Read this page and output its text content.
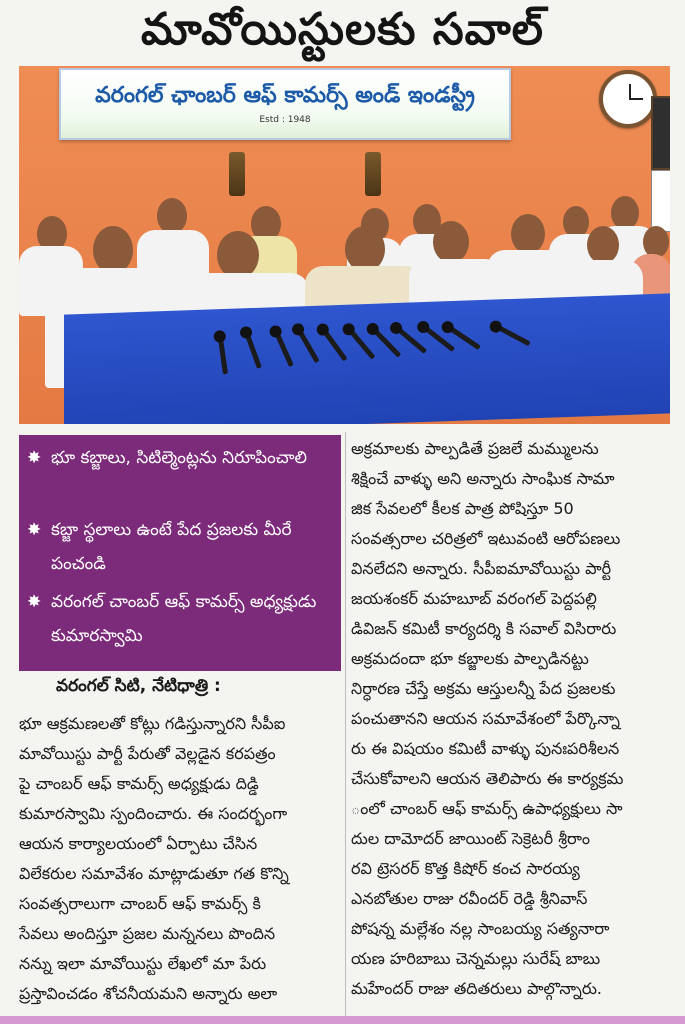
మావోయిస్టులకు సవాల్
వరంగల్ ఛాంబర్ ఆఫ్ కామర్స్ అండ్ ఇండస్ట్రీ
Estd : 1948
✸ భూ కబ్జాలు, సిటిల్మెంట్లను నిరూపించాలి
✸ కబ్జా స్థలాలు ఉంటే పేద ప్రజలకు మీరే పంచండి
✸ వరంగల్ చాంబర్ ఆఫ్ కామర్స్ అధ్యక్షుడు కుమారస్వామి
వరంగల్ సిటి, నేటిధాత్రి :

భూ ఆక్రమణలతో కోట్లు గడిస్తున్నారని సీపీఐ

మావోయిస్టు పార్టీ పేరుతో వెల్లడైన కరపత్రం

పై చాంబర్ ఆఫ్ కామర్స్ అధ్యక్షుడు దిడ్డి

కుమారస్వామి స్పందించారు. ఈ సందర్భంగా

ఆయన కార్యాలయంలో ఏర్పాటు చేసిన

విలేకరుల సమావేశం మాట్లాడుతూ గత కొన్ని

సంవత్సరాలుగా చాంబర్ ఆఫ్ కామర్స్ కి

సేవలు అందిస్తూ ప్రజల మన్ననలు పొందిన

నన్ను ఇలా మావోయిస్టు లేఖలో మా పేరు

ప్రస్తావించడం శోచనీయమని అన్నారు అలా

అక్రమాలకు పాల్పడితే ప్రజలే మమ్ములను

శిక్షించే వాళ్ళు అని అన్నారు సాంఘిక సామా

జిక సేవలలో కీలక పాత్ర పోషిస్తూ 50

సంవత్సరాల చరిత్రలో ఇటువంటి ఆరోపణలు

వినలేదని అన్నారు. సీపీఐమావోయిస్టు పార్టీ

జయశంకర్ మహబూబ్ వరంగల్ పెద్దపల్లి

డివిజన్ కమిటీ కార్యదర్శి కి సవాల్ విసిరారు

అక్రమదందా భూ కబ్జాలకు పాల్పడినట్టు

నిర్ధారణ చేస్తే అక్రమ ఆస్తులన్నీ పేద ప్రజలకు

పంచుతానని ఆయన సమావేశంలో పేర్కొన్నా

రు ఈ విషయం కమిటీ వాళ్ళు పునఃపరిశీలన

చేసుకోవాలని ఆయన తెలిపారు ఈ కార్యక్రమ

ంలో చాంబర్ ఆఫ్ కామర్స్ ఉపాధ్యక్షులు సా

దుల దామోదర్ జాయింట్ సెక్రెటరీ శ్రీరాం

రవి ట్రెసరర్ కొత్త కిషోర్ కంచ సారయ్య

ఎనబోతుల రాజు రవీందర్ రెడ్డి శ్రీనివాస్

పోషన్న మల్లేశం నల్ల సాంబయ్య సత్యనారా

యణ హరిబాబు చెన్నమల్లు సురేష్ బాబు

మహేందర్ రాజు తదితరులు పాల్గొన్నారు.
